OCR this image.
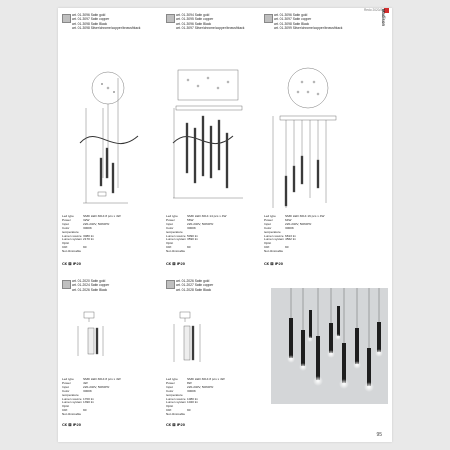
Redo 2020/21
Madison
95
art. 01-3096 Satin gold
art. 01-3097 Satin copper
art. 01-3098 Satin Black
art. 01-3098 Silver/chrome/copper/brown/black
Led type	SMD LED 3014 8 pcs x 4W
Power	32W
Input	220-240V, 50/60Hz
Color temperature
3000K
Lumen source 3080 lm
Lumen system 2170 lm
Optic
CRI	90
Not dimmable
C€ ⊠ IP20
art. 01-3094 Satin gold
art. 01-3095 Satin copper
art. 01-3096 Satin Black
art. 01-3097 Silver/chrome/copper/brown/black
Led type	SMD LED 3014 14 pcs x 4W
Power	56W
Input	220-240V, 50/60Hz
Color temperature
3000K
Lumen source 5090 lm
Lumen system 3590 lm
Optic
CRI	90
Not dimmable
C€ ⊠ IP20
art. 01-3096 Satin gold
art. 01-3097 Satin copper
art. 01-3098 Satin Black
art. 01-3099 Silver/chrome/copper/brown/black
Led type	SMD LED 3014 16 pcs x 4W
Power	64W
Input	220-240V, 50/60Hz
Color temperature
3000K
Lumen source 6813 lm
Lumen system 4562 lm
Optic
CRI	90
Not dimmable
C€ ⊠ IP20
art. 01-2020 Satin gold
art. 01-2024 Satin copper
art. 01-2026 Satin Black
Led type	SMD LED 3014 8 pcs x 4W
Power	4W
Input	220-240V, 50/60Hz
Color temperature
3000K
Lumen source 1700 lm
Lumen system 1390 lm
Optic
CRI	90
Not dimmable
C€ ⊠ IP20
art. 01-2026 Satin gold
art. 01-2027 Satin copper
art. 01-2028 Satin Black
Led type	SMD LED 3014 8 pcs x 4W
Power	8W
Input	220-240V, 50/60Hz
Color temperature
3000K
Lumen source 1080 lm
Lumen system 1020 lm
Optic
CRI	90
Not dimmable
C€ ⊠ IP20
